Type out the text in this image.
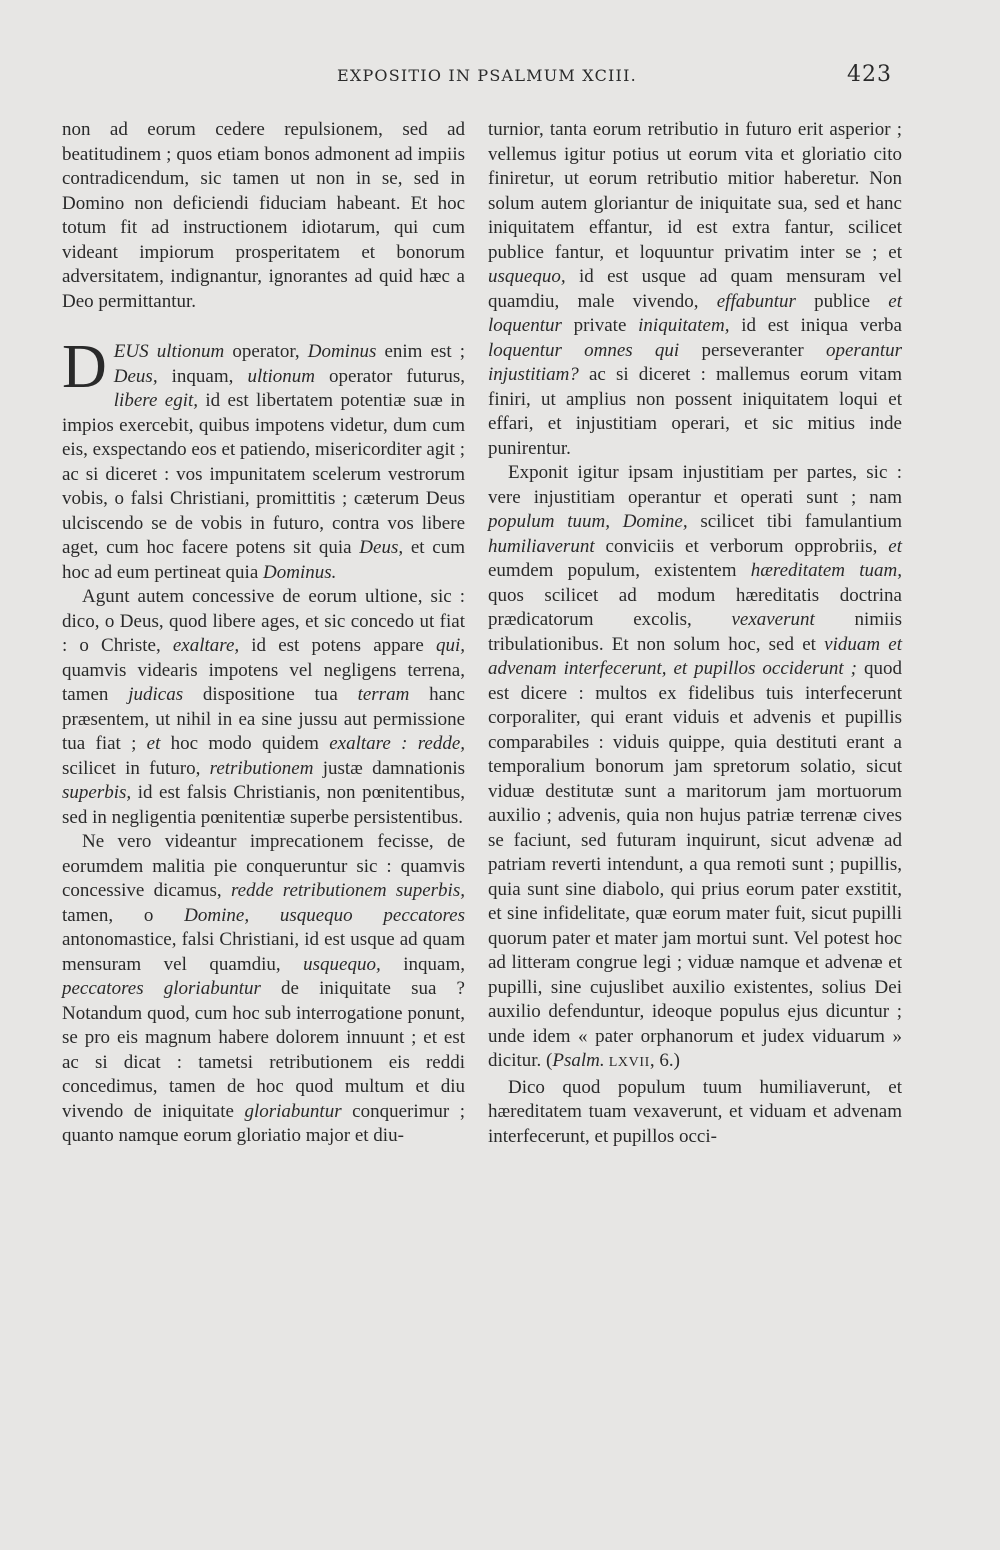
EXPOSITIO IN PSALMUM XCIII.	423

non ad eorum cedere repulsionem, sed ad beatitudinem ; quos etiam bonos admonent ad impiis contradicendum, sic tamen ut non in se, sed in Domino non deficiendi fiduciam habeant. Et hoc totum fit ad instructionem idiotarum, qui cum videant impiorum prosperitatem et bonorum adversitatem, indignantur, ignorantes ad quid hæc a Deo permittantur.

D EUS ultionum operator, Dominus enim est ; Deus, inquam, ultionum operator futurus, libere egit, id est libertatem potentiæ suæ in impios exercebit, quibus impotens videtur, dum cum eis, exspectando eos et patiendo, misericorditer agit ; ac si diceret : vos impunitatem scelerum vestrorum vobis, o falsi Christiani, promittitis ; cæterum Deus ulciscendo se de vobis in futuro, contra vos libere aget, cum hoc facere potens sit quia Deus, et cum hoc ad eum pertineat quia Dominus.

Agunt autem concessive de eorum ultione, sic : dico, o Deus, quod libere ages, et sic concedo ut fiat : o Christe, exaltare, id est potens appare qui, quamvis videaris impotens vel negligens terrena, tamen judicas dispositione tua terram hanc præsentem, ut nihil in ea sine jussu aut permissione tua fiat ; et hoc modo quidem exaltare : redde, scilicet in futuro, retributionem justæ damnationis superbis, id est falsis Christianis, non pœnitentibus, sed in negligentia pœnitentiæ superbe persistentibus.

Ne vero videantur imprecationem fecisse, de eorumdem malitia pie conqueruntur sic : quamvis concessive dicamus, redde retributionem superbis, tamen, o Domine, usquequo peccatores antonomastice, falsi Christiani, id est usque ad quam mensuram vel quamdiu, usquequo, inquam, peccatores gloriabuntur de iniquitate sua ? Notandum quod, cum hoc sub interrogatione ponunt, se pro eis magnum habere dolorem innuunt ; et est ac si dicat : tametsi retributionem eis reddi concedimus, tamen de hoc quod multum et diu vivendo de iniquitate gloriabuntur conquerimur ; quanto namque eorum gloriatio major et diu-

turnior, tanta eorum retributio in futuro erit asperior ; vellemus igitur potius ut eorum vita et gloriatio cito finiretur, ut eorum retributio mitior haberetur. Non solum autem gloriantur de iniquitate sua, sed et hanc iniquitatem effantur, id est extra fantur, scilicet publice fantur, et loquuntur privatim inter se ; et usquequo, id est usque ad quam mensuram vel quamdiu, male vivendo, effabuntur publice et loquentur private iniquitatem, id est iniqua verba loquentur omnes qui perseveranter operantur injustitiam? ac si diceret : mallemus eorum vitam finiri, ut amplius non possent iniquitatem loqui et effari, et injustitiam operari, et sic mitius inde punirentur.

Exponit igitur ipsam injustitiam per partes, sic : vere injustitiam operantur et operati sunt ; nam populum tuum, Domine, scilicet tibi famulantium humiliaverunt conviciis et verborum opprobriis, et eumdem populum, existentem hæreditatem tuam, quos scilicet ad modum hæreditatis doctrina prædicatorum excolis, vexaverunt nimiis tribulationibus. Et non solum hoc, sed et viduam et advenam interfecerunt, et pupillos occiderunt ; quod est dicere : multos ex fidelibus tuis interfecerunt corporaliter, qui erant viduis et advenis et pupillis comparabiles : viduis quippe, quia destituti erant a temporalium bonorum jam spretorum solatio, sicut viduæ destitutæ sunt a maritorum jam mortuorum auxilio ; advenis, quia non hujus patriæ terrenæ cives se faciunt, sed futuram inquirunt, sicut advenæ ad patriam reverti intendunt, a qua remoti sunt ; pupillis, quia sunt sine diabolo, qui prius eorum pater exstitit, et sine infidelitate, quæ eorum mater fuit, sicut pupilli quorum pater et mater jam mortui sunt. Vel potest hoc ad litteram congrue legi ; viduæ namque et advenæ et pupilli, sine cujuslibet auxilio existentes, solius Dei auxilio defenduntur, ideoque populus ejus dicuntur ; unde idem « pater orphanorum et judex viduarum » dicitur. (Psalm. LXVII, 6.)

Dico quod populum tuum humiliaverunt, et hæreditatem tuam vexaverunt, et viduam et advenam interfecerunt, et pupillos occi-
